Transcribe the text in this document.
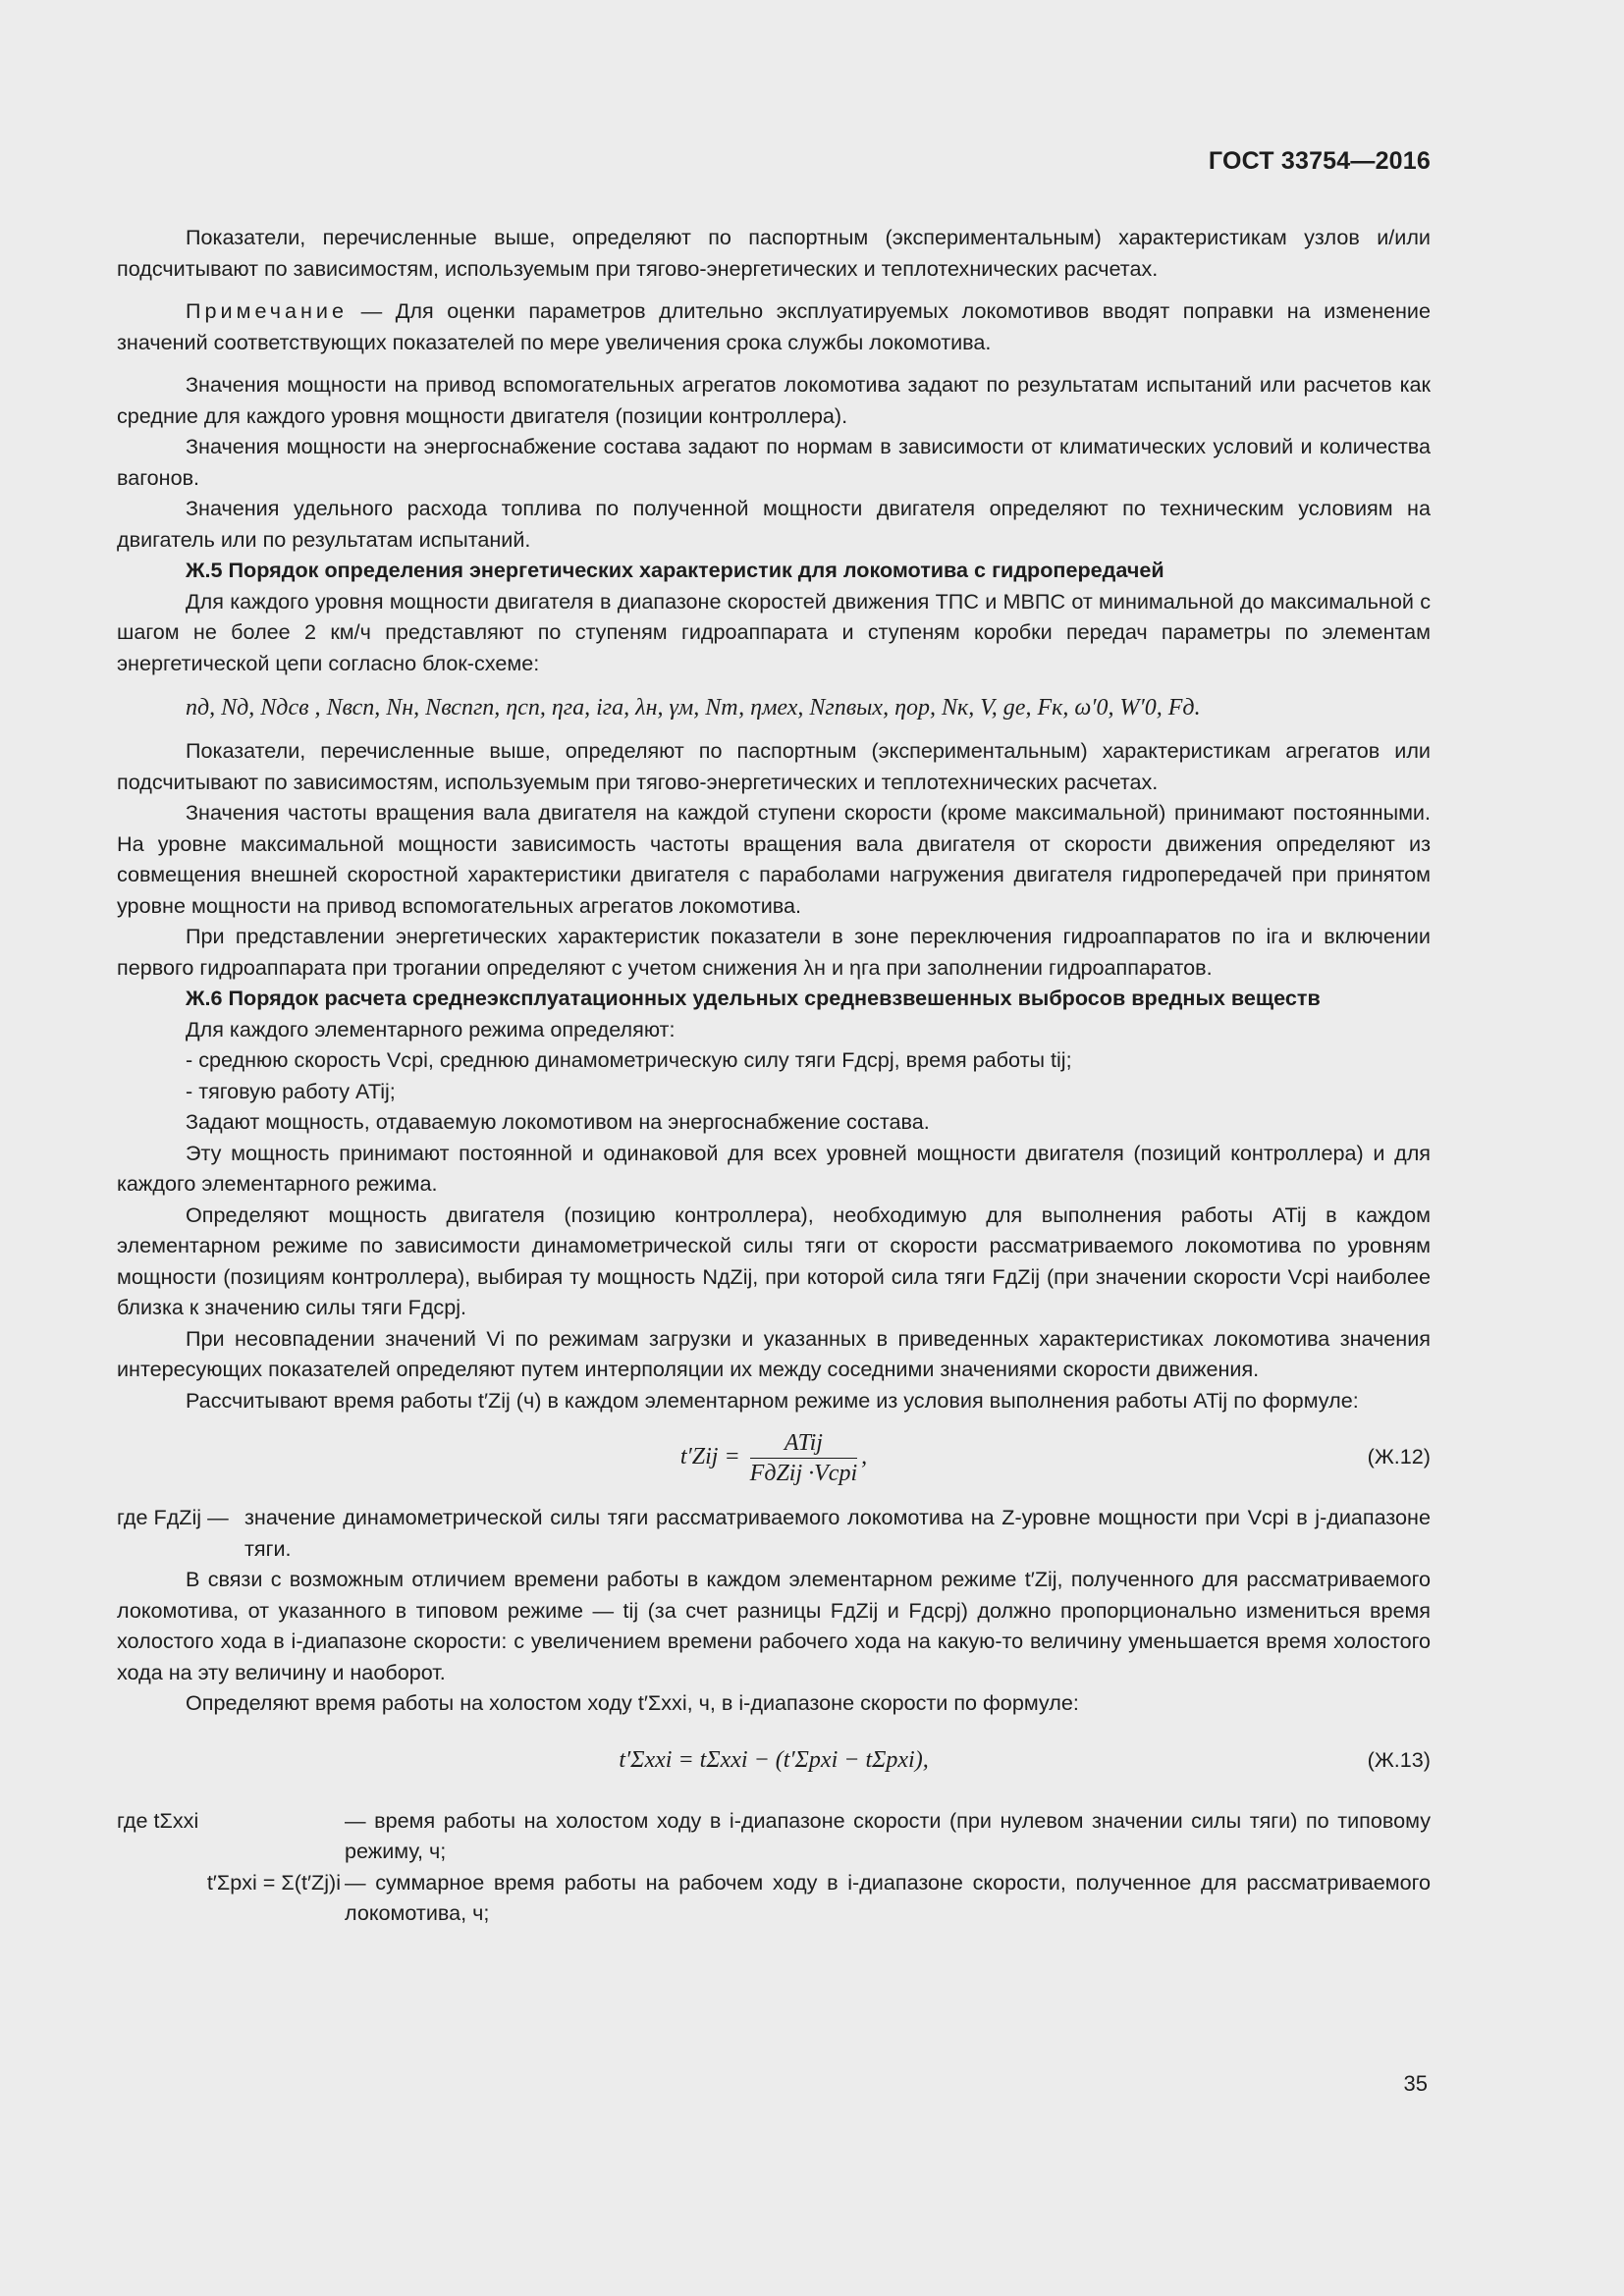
ГОСТ 33754—2016

Показатели, перечисленные выше, определяют по паспортным (экспериментальным) характеристикам узлов и/или подсчитывают по зависимостям, используемым при тягово-энергетических и теплотехнических расчетах.

Примечание — Для оценки параметров длительно эксплуатируемых локомотивов вводят поправки на изменение значений соответствующих показателей по мере увеличения срока службы локомотива.

Значения мощности на привод вспомогательных агрегатов локомотива задают по результатам испытаний или расчетов как средние для каждого уровня мощности двигателя (позиции контроллера).

Значения мощности на энергоснабжение состава задают по нормам в зависимости от климатических условий и количества вагонов.

Значения удельного расхода топлива по полученной мощности двигателя определяют по техническим условиям на двигатель или по результатам испытаний.

Ж.5 Порядок определения энергетических характеристик для локомотива с гидропередачей

Для каждого уровня мощности двигателя в диапазоне скоростей движения ТПС и МВПС от минимальной до максимальной с шагом не более 2 км/ч представляют по ступеням гидроаппарата и ступеням коробки передач параметры по элементам энергетической цепи согласно блок-схеме:

nд, Nд, Nдсв , Nвсп, Nн, Nвспгп, ηсп, ηга, iга, λн, γм, Nт, ηмех, Nгпвых, ηор, Nк, V, ge, Fк, ω′0, W′0, Fд.

Показатели, перечисленные выше, определяют по паспортным (экспериментальным) характеристикам агрегатов или подсчитывают по зависимостям, используемым при тягово-энергетических и теплотехнических расчетах.

Значения частоты вращения вала двигателя на каждой ступени скорости (кроме максимальной) принимают постоянными. На уровне максимальной мощности зависимость частоты вращения вала двигателя от скорости движения определяют из совмещения внешней скоростной характеристики двигателя с параболами нагружения двигателя гидропередачей при принятом уровне мощности на привод вспомогательных агрегатов локомотива.

При представлении энергетических характеристик показатели в зоне переключения гидроаппаратов по iга и включении первого гидроаппарата при трогании определяют с учетом снижения λн и ηга при заполнении гидроаппаратов.

Ж.6 Порядок расчета среднеэксплуатационных удельных средневзвешенных выбросов вредных веществ

Для каждого элементарного режима определяют:

- среднюю скорость Vсрi, среднюю динамометрическую силу тяги Fдсрj, время работы tij;

- тяговую работу ATij;

Задают мощность, отдаваемую локомотивом на энергоснабжение состава.

Эту мощность принимают постоянной и одинаковой для всех уровней мощности двигателя (позиций контроллера) и для каждого элементарного режима.

Определяют мощность двигателя (позицию контроллера), необходимую для выполнения работы ATij в каждом элементарном режиме по зависимости динамометрической силы тяги от скорости рассматриваемого локомотива по уровням мощности (позициям контроллера), выбирая ту мощность NдZij, при которой сила тяги FдZij (при значении скорости Vсрi наиболее близка к значению силы тяги Fдсрj.

При несовпадении значений Vi по режимам загрузки и указанных в приведенных характеристиках локомотива значения интересующих показателей определяют путем интерполяции их между соседними значениями скорости движения.

Рассчитывают время работы t′Zij (ч) в каждом элементарном режиме из условия выполнения работы ATij по формуле:

$t'Zij = \frac{\text{ATij}}{\text{FдZij ·Vcpi}}$ ,	(Ж.12)
где FдZij — значение динамометрической силы тяги рассматриваемого локомотива на Z-уровне мощности при Vсрi в j-диапазоне тяги.

В связи с возможным отличием времени работы в каждом элементарном режиме t′Zij, полученного для рассматриваемого локомотива, от указанного в типовом режиме — tij (за счет разницы FдZij и Fдсрj) должно пропорционально измениться время холостого хода в i-диапазоне скорости: с увеличением времени рабочего хода на какую-то величину уменьшается время холостого хода на эту величину и наоборот.

Определяют время работы на холостом ходу t′Σxxi, ч, в i-диапазоне скорости по формуле:

t′Σxxi = tΣxxi − (t′Σpxi − tΣpxi),	(Ж.13)
где tΣxxi	— время работы на холостом ходу в i-диапазоне скорости (при нулевом значении силы тяги) по типовому режиму, ч;
t′Σpxi = Σ(t′Zj)i — суммарное время работы на рабочем ходу в i-диапазоне скорости, полученное для рассматриваемого локомотива, ч;
35
